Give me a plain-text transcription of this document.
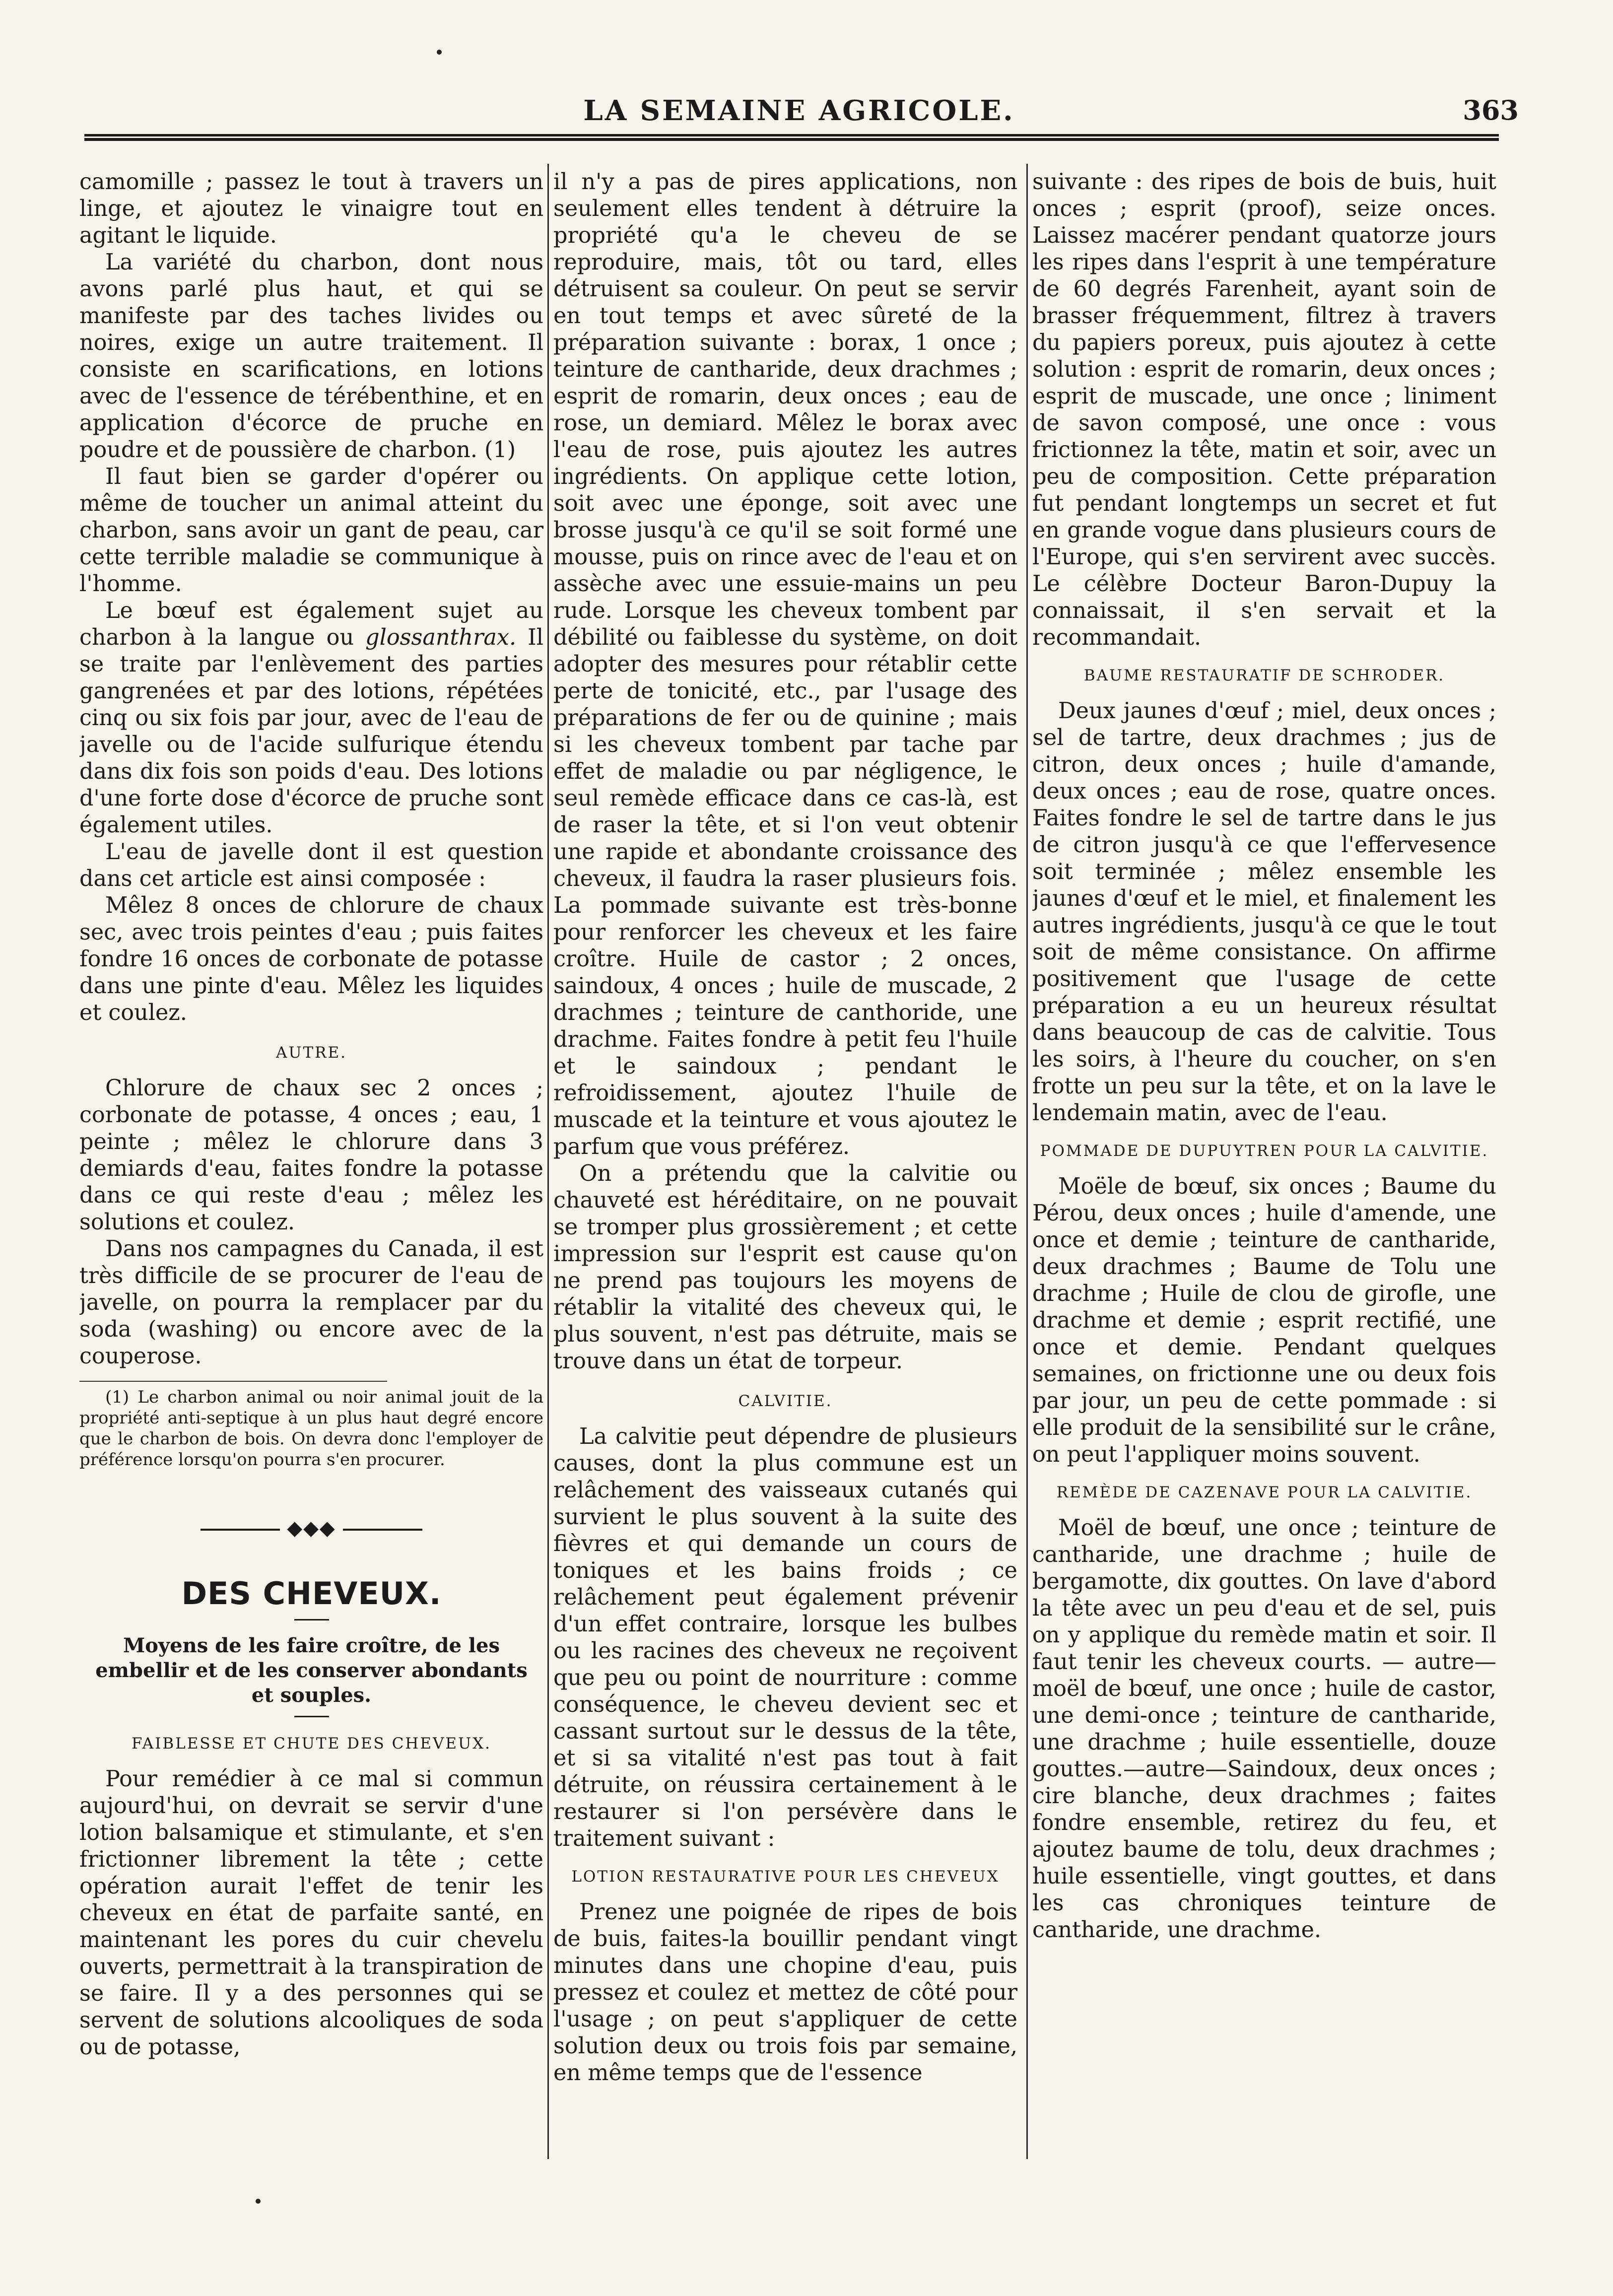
LA SEMAINE AGRICOLE.	363

camomille ; passez le tout à travers un linge, et ajoutez le vinaigre tout en agitant le liquide.

La variété du charbon, dont nous avons parlé plus haut, et qui se manifeste par des taches livides ou noires, exige un autre traitement. Il consiste en scarifications, en lotions avec de l'essence de térébenthine, et en application d'écorce de pruche en poudre et de poussière de charbon. (1)

Il faut bien se garder d'opérer ou même de toucher un animal atteint du charbon, sans avoir un gant de peau, car cette terrible maladie se communique à l'homme.

Le bœuf est également sujet au charbon à la langue ou glossanthrax. Il se traite par l'enlèvement des parties gangrenées et par des lotions, répétées cinq ou six fois par jour, avec de l'eau de javelle ou de l'acide sulfurique étendu dans dix fois son poids d'eau. Des lotions d'une forte dose d'écorce de pruche sont également utiles.

L'eau de javelle dont il est question dans cet article est ainsi composée :

Mêlez 8 onces de chlorure de chaux sec, avec trois peintes d'eau ; puis faites fondre 16 onces de corbonate de potasse dans une pinte d'eau. Mêlez les liquides et coulez.

AUTRE.

Chlorure de chaux sec 2 onces ; corbonate de potasse, 4 onces ; eau, 1 peinte ; mêlez le chlorure dans 3 demiards d'eau, faites fondre la potasse dans ce qui reste d'eau ; mêlez les solutions et coulez.

Dans nos campagnes du Canada, il est très difficile de se procurer de l'eau de javelle, on pourra la remplacer par du soda (washing) ou encore avec de la couperose.

(1) Le charbon animal ou noir animal jouit de la propriété anti-septique à un plus haut degré encore que le charbon de bois. On devra donc l'employer de préférence lorsqu'on pourra s'en procurer.

◆◆◆
DES CHEVEUX.
Moyens de les faire croître, de les embellir et de les conserver abondants et souples.
FAIBLESSE ET CHUTE DES CHEVEUX.

Pour remédier à ce mal si commun aujourd'hui, on devrait se servir d'une lotion balsamique et stimulante, et s'en frictionner librement la tête ; cette opération aurait l'effet de tenir les cheveux en état de parfaite santé, en maintenant les pores du cuir chevelu ouverts, permettrait à la transpiration de se faire. Il y a des personnes qui se servent de solutions alcooliques de soda ou de potasse,

il n'y a pas de pires applications, non seulement elles tendent à détruire la propriété qu'a le cheveu de se reproduire, mais, tôt ou tard, elles détruisent sa couleur. On peut se servir en tout temps et avec sûreté de la préparation suivante : borax, 1 once ; teinture de cantharide, deux drachmes ; esprit de romarin, deux onces ; eau de rose, un demiard. Mêlez le borax avec l'eau de rose, puis ajoutez les autres ingrédients. On applique cette lotion, soit avec une éponge, soit avec une brosse jusqu'à ce qu'il se soit formé une mousse, puis on rince avec de l'eau et on assèche avec une essuie-mains un peu rude. Lorsque les cheveux tombent par débilité ou faiblesse du système, on doit adopter des mesures pour rétablir cette perte de tonicité, etc., par l'usage des préparations de fer ou de quinine ; mais si les cheveux tombent par tache par effet de maladie ou par négligence, le seul remède efficace dans ce cas-là, est de raser la tête, et si l'on veut obtenir une rapide et abondante croissance des cheveux, il faudra la raser plusieurs fois. La pommade suivante est très-bonne pour renforcer les cheveux et les faire croître. Huile de castor ; 2 onces, saindoux, 4 onces ; huile de muscade, 2 drachmes ; teinture de canthoride, une drachme. Faites fondre à petit feu l'huile et le saindoux ; pendant le refroidissement, ajoutez l'huile de muscade et la teinture et vous ajoutez le parfum que vous préférez.

On a prétendu que la calvitie ou chauveté est héréditaire, on ne pouvait se tromper plus grossièrement ; et cette impression sur l'esprit est cause qu'on ne prend pas toujours les moyens de rétablir la vitalité des cheveux qui, le plus souvent, n'est pas détruite, mais se trouve dans un état de torpeur.

CALVITIE.

La calvitie peut dépendre de plusieurs causes, dont la plus commune est un relâchement des vaisseaux cutanés qui survient le plus souvent à la suite des fièvres et qui demande un cours de toniques et les bains froids ; ce relâchement peut également prévenir d'un effet contraire, lorsque les bulbes ou les racines des cheveux ne reçoivent que peu ou point de nourriture : comme conséquence, le cheveu devient sec et cassant surtout sur le dessus de la tête, et si sa vitalité n'est pas tout à fait détruite, on réussira certainement à le restaurer si l'on persévère dans le traitement suivant :

LOTION RESTAURATIVE POUR LES CHEVEUX

Prenez une poignée de ripes de bois de buis, faites-la bouillir pendant vingt minutes dans une chopine d'eau, puis pressez et coulez et mettez de côté pour l'usage ; on peut s'appliquer de cette solution deux ou trois fois par semaine, en même temps que de l'essence

suivante : des ripes de bois de buis, huit onces ; esprit (proof), seize onces. Laissez macérer pendant quatorze jours les ripes dans l'esprit à une température de 60 degrés Farenheit, ayant soin de brasser fréquemment, filtrez à travers du papiers poreux, puis ajoutez à cette solution : esprit de romarin, deux onces ; esprit de muscade, une once ; liniment de savon composé, une once : vous frictionnez la tête, matin et soir, avec un peu de composition. Cette préparation fut pendant longtemps un secret et fut en grande vogue dans plusieurs cours de l'Europe, qui s'en servirent avec succès. Le célèbre Docteur Baron-Dupuy la connaissait, il s'en servait et la recommandait.

BAUME RESTAURATIF DE SCHRODER.

Deux jaunes d'œuf ; miel, deux onces ; sel de tartre, deux drachmes ; jus de citron, deux onces ; huile d'amande, deux onces ; eau de rose, quatre onces. Faites fondre le sel de tartre dans le jus de citron jusqu'à ce que l'effervesence soit terminée ; mêlez ensemble les jaunes d'œuf et le miel, et finalement les autres ingrédients, jusqu'à ce que le tout soit de même consistance. On affirme positivement que l'usage de cette préparation a eu un heureux résultat dans beaucoup de cas de calvitie. Tous les soirs, à l'heure du coucher, on s'en frotte un peu sur la tête, et on la lave le lendemain matin, avec de l'eau.

POMMADE DE DUPUYTREN POUR LA CALVITIE.

Moële de bœuf, six onces ; Baume du Pérou, deux onces ; huile d'amende, une once et demie ; teinture de cantharide, deux drachmes ; Baume de Tolu une drachme ; Huile de clou de girofle, une drachme et demie ; esprit rectifié, une once et demie. Pendant quelques semaines, on frictionne une ou deux fois par jour, un peu de cette pommade : si elle produit de la sensibilité sur le crâne, on peut l'appliquer moins souvent.

REMÈDE DE CAZENAVE POUR LA CALVITIE.

Moël de bœuf, une once ; teinture de cantharide, une drachme ; huile de bergamotte, dix gouttes. On lave d'abord la tête avec un peu d'eau et de sel, puis on y applique du remède matin et soir. Il faut tenir les cheveux courts. — autre—moël de bœuf, une once ; huile de castor, une demi-once ; teinture de cantharide, une drachme ; huile essentielle, douze gouttes.—autre—Saindoux, deux onces ; cire blanche, deux drachmes ; faites fondre ensemble, retirez du feu, et ajoutez baume de tolu, deux drachmes ; huile essentielle, vingt gouttes, et dans les cas chroniques teinture de cantharide, une drachme.
